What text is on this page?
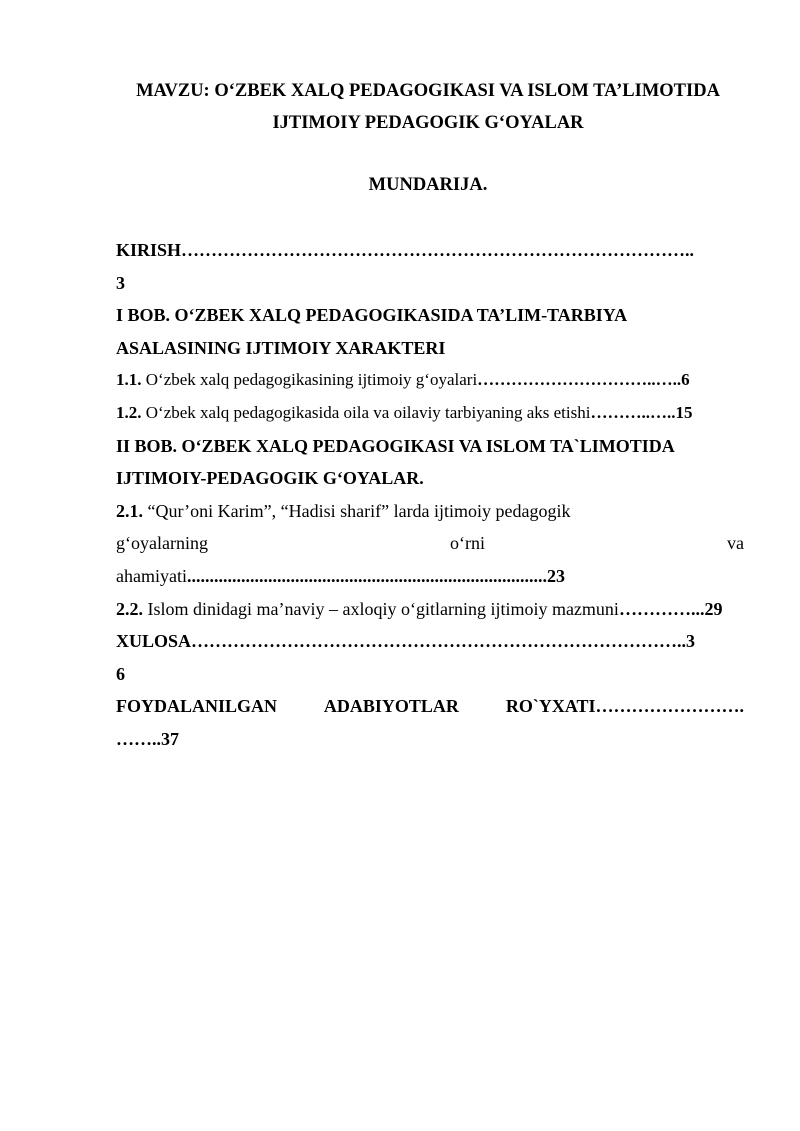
MAVZU: O‘ZBEK XALQ PEDAGOGIKASI VA ISLOM TA’LIMOTIDA
IJTIMOIY PEDAGOGIK G‘OYALAR
MUNDARIJA.
KIRISH…………………………………………………………………………..
3
I BOB. O‘ZBEK XALQ PEDAGOGIKASIDA TA’LIM-TARBIYA
ASALASINING IJTIMOIY XARAKTERI
1.1. O‘zbek xalq pedagogikasining ijtimoiy g‘oyalari…………………………..…..6
1.2. O‘zbek xalq pedagogikasida oila va oilaviy tarbiyaning aks etishi………..…..15
II BOB. O‘ZBEK XALQ PEDAGOGIKASI VA ISLOM TA`LIMOTIDA
IJTIMOIY-PEDAGOGIK G‘OYALAR.
2.1. “Qur’oni Karim”, “Hadisi sharif” larda ijtimoiy pedagogik
g‘oyalarning	o‘rni	va
ahamiyati................................................................................23
2.2. Islom dinidagi ma’naviy – axloqiy o‘gitlarning ijtimoiy mazmuni…………...29
XULOSA………………………………………………………………………..3
6
FOYDALANILGAN	ADABIYOTLAR	RO`YXATI…………………….
……..37
